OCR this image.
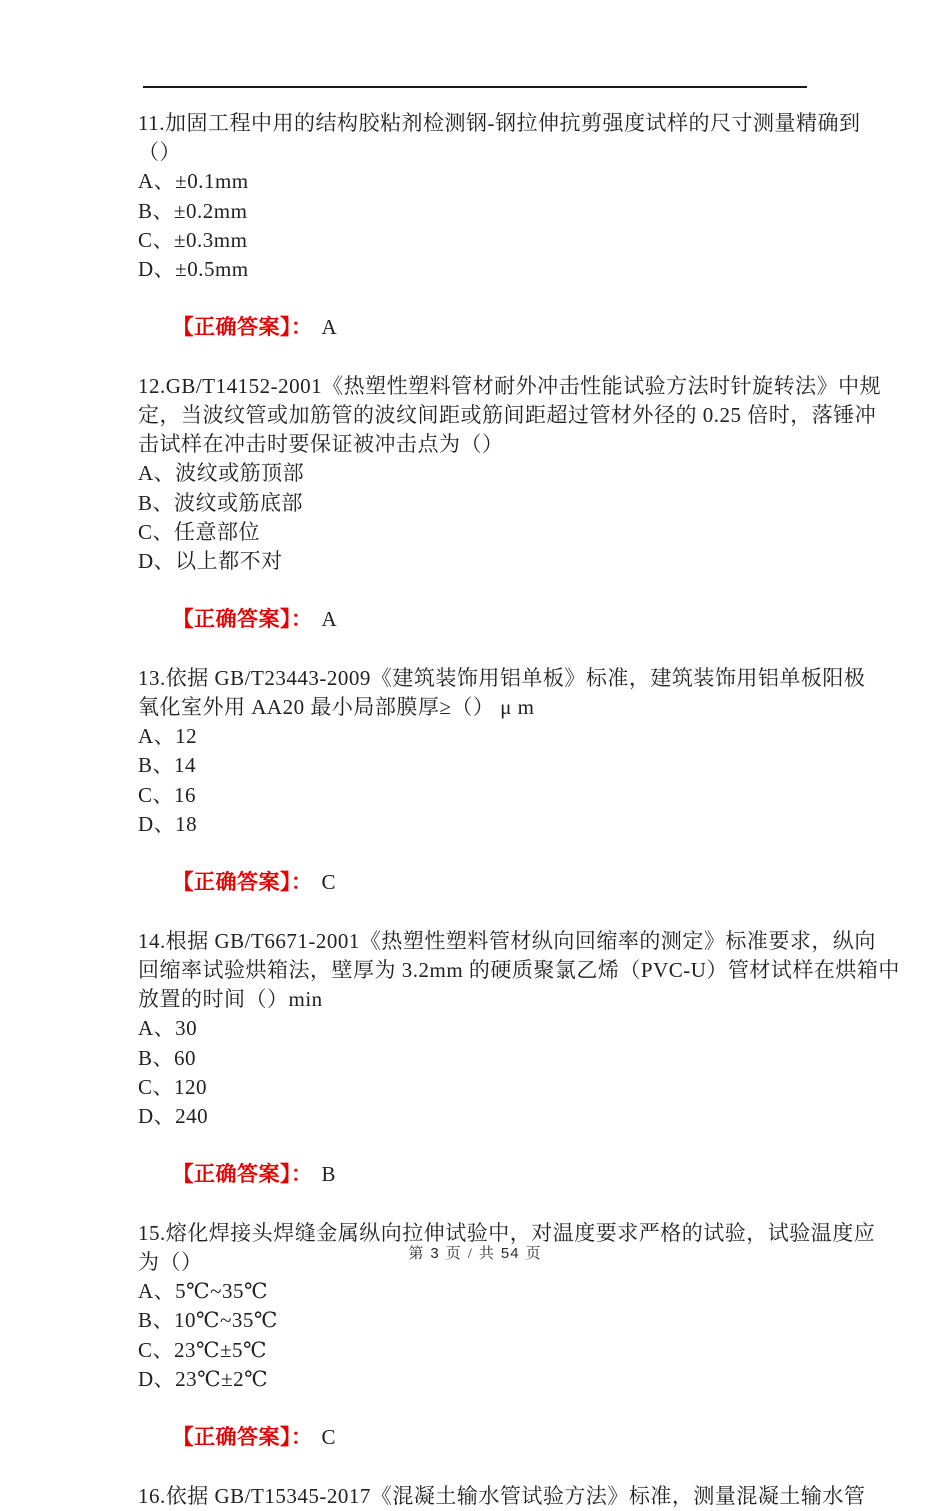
11.加固工程中用的结构胶粘剂检测钢-钢拉伸抗剪强度试样的尺寸测量精确到
（）
A、±0.1mm
B、±0.2mm
C、±0.3mm
D、±0.5mm

【正确答案】： A

12.GB/T14152-2001《热塑性塑料管材耐外冲击性能试验方法时针旋转法》中规
定，当波纹管或加筋管的波纹间距或筋间距超过管材外径的 0.25 倍时，落锤冲
击试样在冲击时要保证被冲击点为（）
A、波纹或筋顶部
B、波纹或筋底部
C、任意部位
D、以上都不对

【正确答案】： A

13.依据 GB/T23443-2009《建筑装饰用铝单板》标准，建筑装饰用铝单板阳极
氧化室外用 AA20 最小局部膜厚≥（） μ m
A、12
B、14
C、16
D、18

【正确答案】： C

14.根据 GB/T6671-2001《热塑性塑料管材纵向回缩率的测定》标准要求，纵向
回缩率试验烘箱法，壁厚为 3.2mm 的硬质聚氯乙烯（PVC-U）管材试样在烘箱中
放置的时间（）min
A、30
B、60
C、120
D、240

【正确答案】： B

15.熔化焊接头焊缝金属纵向拉伸试验中，对温度要求严格的试验，试验温度应
为（）
A、5℃~35℃
B、10℃~35℃
C、23℃±5℃
D、23℃±2℃

【正确答案】： C

16.依据 GB/T15345-2017《混凝土输水管试验方法》标准，测量混凝土输水管
第 3 页 / 共 54 页
